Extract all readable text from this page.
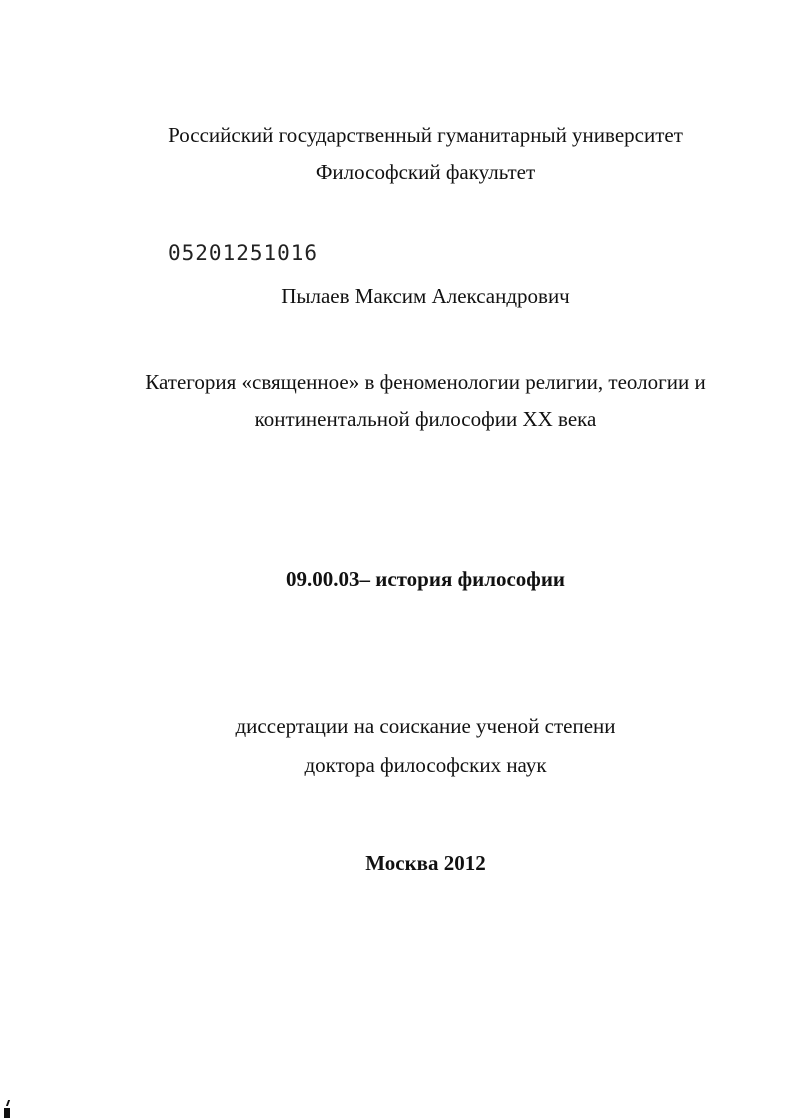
Российский государственный гуманитарный университет
Философский факультет
05201251016
Пылаев Максим Александрович
Категория «священное» в феноменологии религии, теологии и
континентальной философии XX века
09.00.03– история философии
диссертации на соискание ученой степени
доктора философских наук
Москва 2012
